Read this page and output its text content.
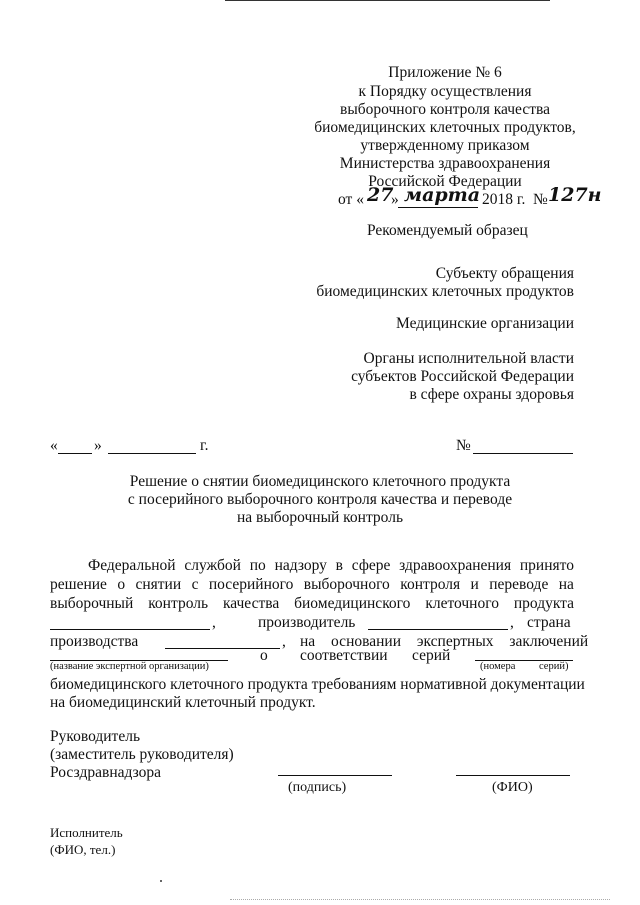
Приложение № 6
к Порядку осуществления
выборочного контроля качества
биомедицинских клеточных продуктов,
утвержденному приказом
Министерства здравоохранения
Российской Федерации
от « 27
» марта 2018 г. № 127н
Рекомендуемый образец
Субъекту обращения
биомедицинских клеточных продуктов
Медицинские организации
Органы исполнительной власти
субъектов Российской Федерации
в сфере охраны здоровья
« »	г.	№
Решение о снятии биомедицинского клеточного продукта
с посерийного выборочного контроля качества и переводе
на выборочный контроль
Федеральной службой по надзору в сфере здравоохранения принято
решение о снятии с посерийного выборочного контроля и переводе на
выборочный контроль качества биомедицинского клеточного продукта
,	производитель	, страна
производства	, на основании экспертных заключений
о соответствии серий
(название экспертной организации)	(номера         серий)
биомедицинского клеточного продукта требованиям нормативной документации
на биомедицинский клеточный продукт.
Руководитель
(заместитель руководителя)
Росздравнадзора
(подпись)	(ФИО)
Исполнитель
(ФИО, тел.)
